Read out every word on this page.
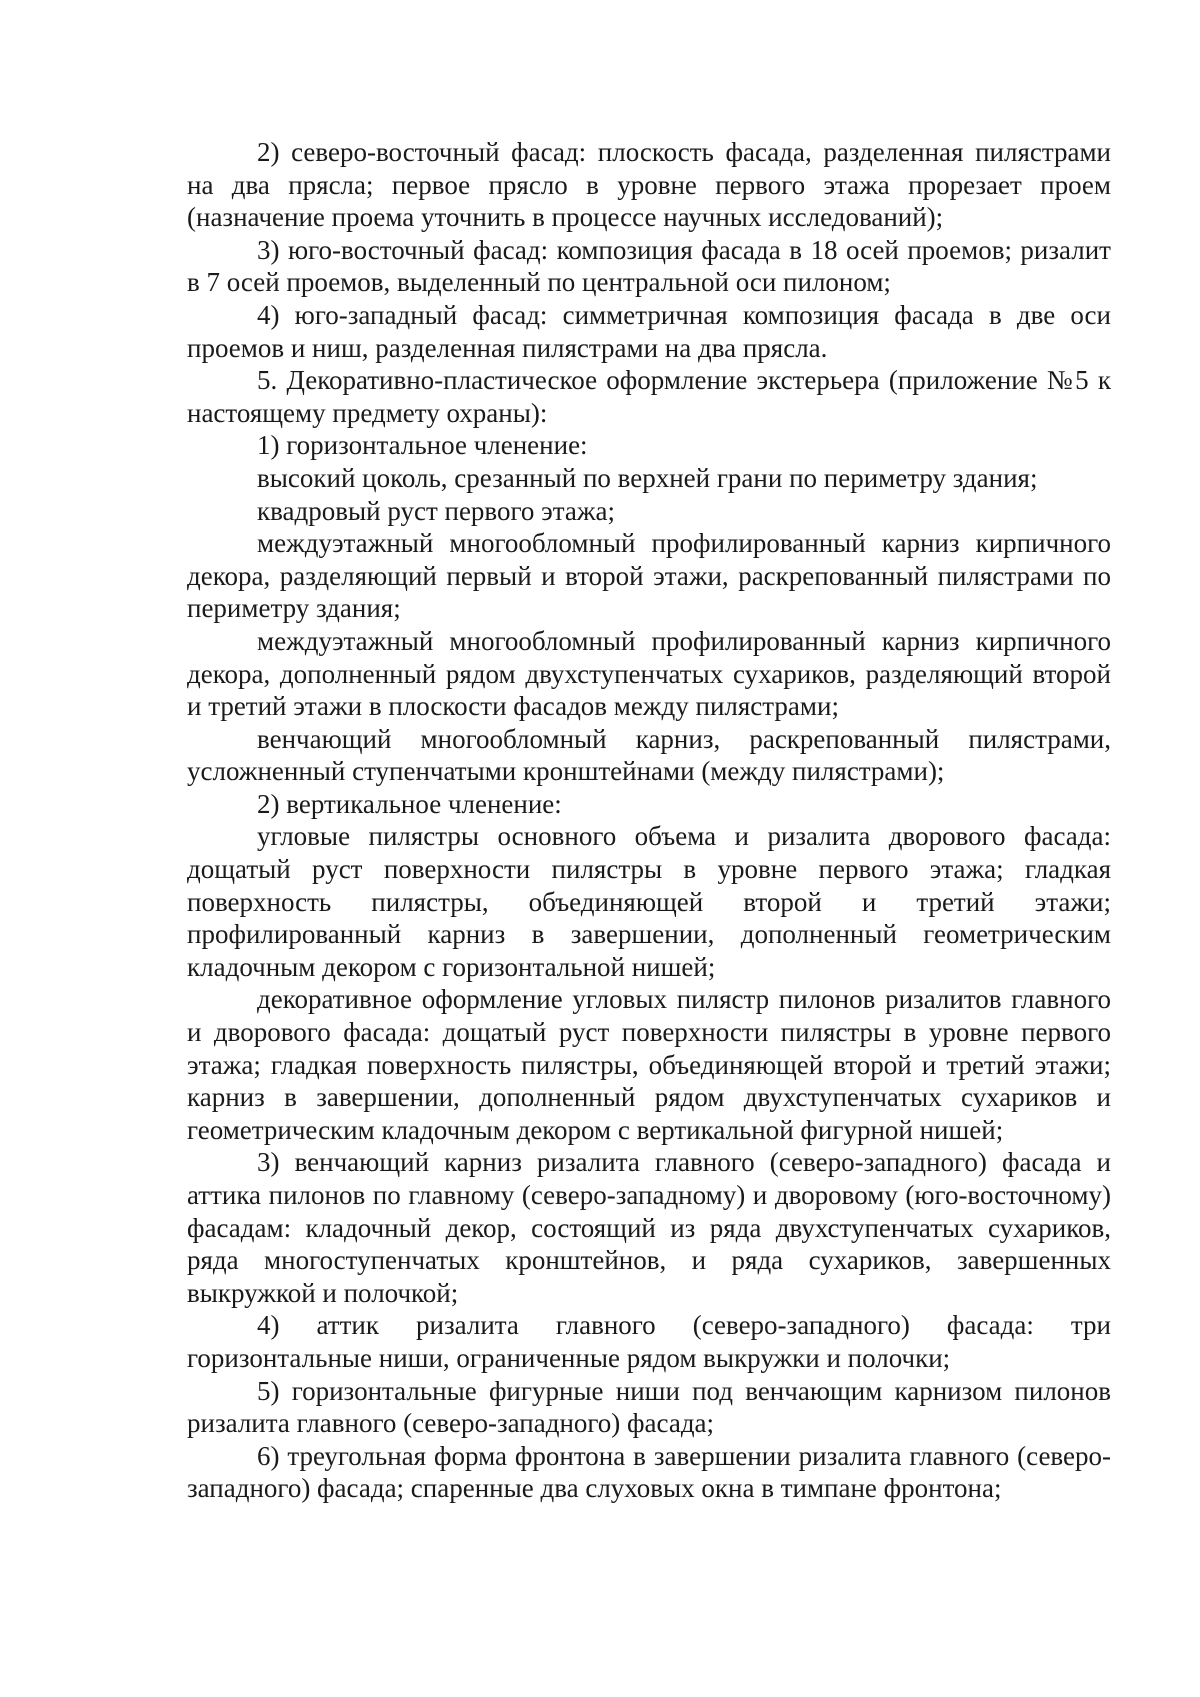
2) северо-восточный фасад: плоскость фасада, разделенная пилястрами на два прясла; первое прясло в уровне первого этажа прорезает проем (назначение проема уточнить в процессе научных исследований);

3) юго-восточный фасад: композиция фасада в 18 осей проемов; ризалит в 7 осей проемов, выделенный по центральной оси пилоном;

4) юго-западный фасад: симметричная композиция фасада в две оси проемов и ниш, разделенная пилястрами на два прясла.

5. Декоративно-пластическое оформление экстерьера (приложение №5 к настоящему предмету охраны):

1) горизонтальное членение:

высокий цоколь, срезанный по верхней грани по периметру здания;

квадровый руст первого этажа;

междуэтажный многообломный профилированный карниз кирпичного декора, разделяющий первый и второй этажи, раскрепованный пилястрами по периметру здания;

междуэтажный многообломный профилированный карниз кирпичного декора, дополненный рядом двухступенчатых сухариков, разделяющий второй и третий этажи в плоскости фасадов между пилястрами;

венчающий многообломный карниз, раскрепованный пилястрами, усложненный ступенчатыми кронштейнами (между пилястрами);

2) вертикальное членение:

угловые пилястры основного объема и ризалита дворового фасада: дощатый руст поверхности пилястры в уровне первого этажа; гладкая поверхность пилястры, объединяющей второй и третий этажи; профилированный карниз в завершении, дополненный геометрическим кладочным декором с горизонтальной нишей;

декоративное оформление угловых пилястр пилонов ризалитов главного и дворового фасада: дощатый руст поверхности пилястры в уровне первого этажа; гладкая поверхность пилястры, объединяющей второй и третий этажи; карниз в завершении, дополненный рядом двухступенчатых сухариков и геометрическим кладочным декором с вертикальной фигурной нишей;

3) венчающий карниз ризалита главного (северо-западного) фасада и аттика пилонов по главному (северо-западному) и дворовому (юго-восточному) фасадам: кладочный декор, состоящий из ряда двухступенчатых сухариков, ряда многоступенчатых кронштейнов, и ряда сухариков, завершенных выкружкой и полочкой;

4) аттик ризалита главного (северо-западного) фасада: три горизонтальные ниши, ограниченные рядом выкружки и полочки;

5) горизонтальные фигурные ниши под венчающим карнизом пилонов ризалита главного (северо-западного) фасада;

6) треугольная форма фронтона в завершении ризалита главного (северо-западного) фасада; спаренные два слуховых окна в тимпане фронтона;
